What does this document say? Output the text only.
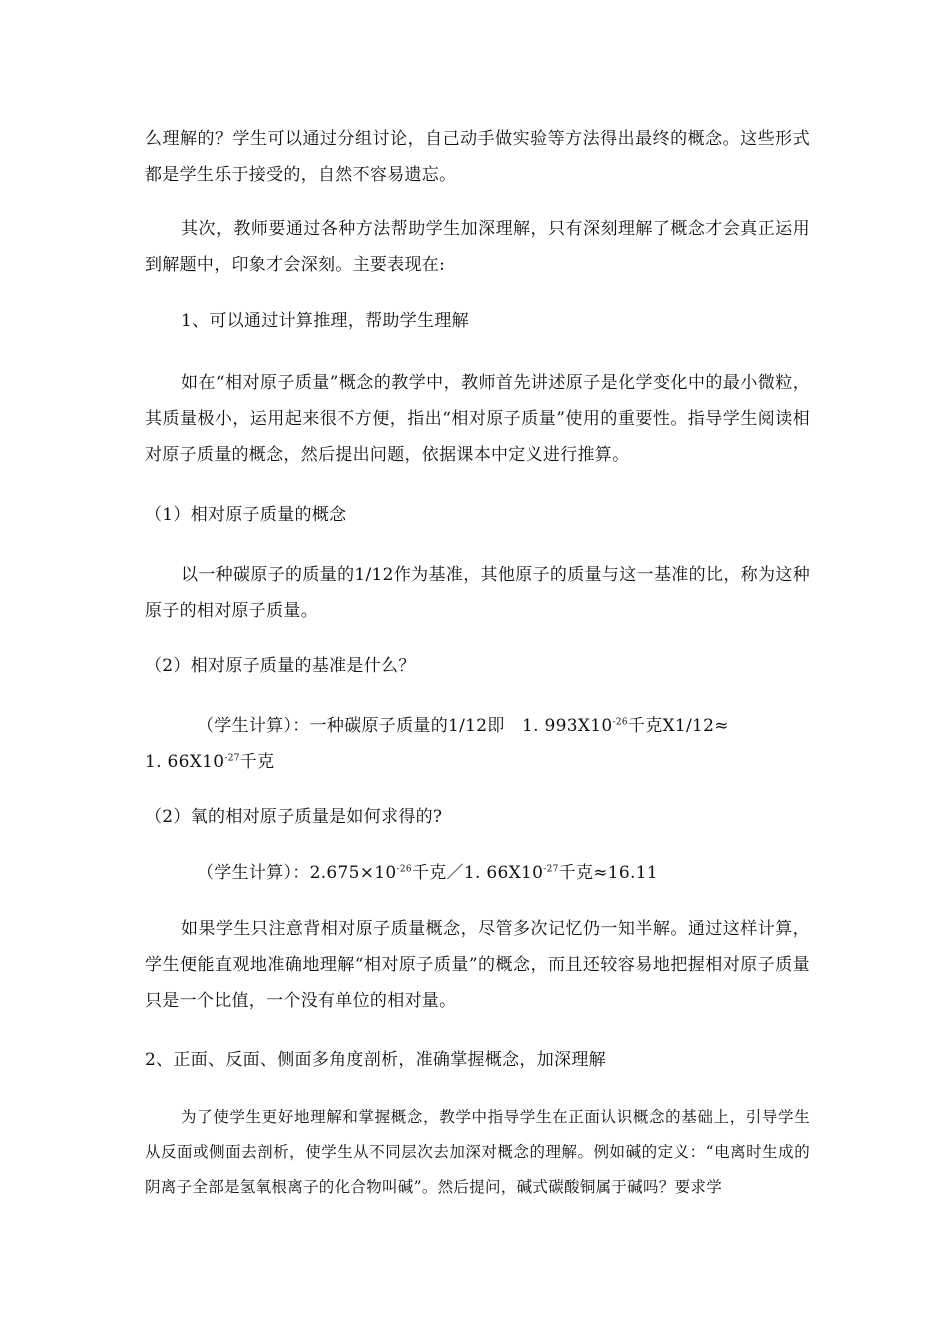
么理解的？学生可以通过分组讨论，自己动手做实验等方法得出最终的概念。这些形式都是学生乐于接受的，自然不容易遗忘。

其次，教师要通过各种方法帮助学生加深理解，只有深刻理解了概念才会真正运用到解题中，印象才会深刻。主要表现在:

1、可以通过计算推理，帮助学生理解

如在“相对原子质量”概念的教学中，教师首先讲述原子是化学变化中的最小微粒，其质量极小，运用起来很不方便，指出“相对原子质量”使用的重要性。指导学生阅读相对原子质量的概念，然后提出问题，依据课本中定义进行推算。

（1）相对原子质量的概念

以一种碳原子的质量的1/12作为基准，其他原子的质量与这一基准的比，称为这种原子的相对原子质量。

（2）相对原子质量的基准是什么？

（学生计算）：一种碳原子质量的1/12即　1. $993X10^{-26}$千克X1/12≈
1. $66X10^{-27}$千克

（2）氧的相对原子质量是如何求得的?

（学生计算）：$2.675\times 10^{-26}$千克／1. $66X10^{-27}$千克≈16.11

如果学生只注意背相对原子质量概念，尽管多次记忆仍一知半解。通过这样计算，学生便能直观地准确地理解“相对原子质量”的概念，而且还较容易地把握相对原子质量只是一个比值，一个没有单位的相对量。

2、正面、反面、侧面多角度剖析，准确掌握概念，加深理解

为了使学生更好地理解和掌握概念，教学中指导学生在正面认识概念的基础上，引导学生从反面或侧面去剖析，使学生从不同层次去加深对概念的理解。例如碱的定义：“电离时生成的阴离子全部是氢氧根离子的化合物叫碱”。然后提问，碱式碳酸铜属于碱吗？要求学
